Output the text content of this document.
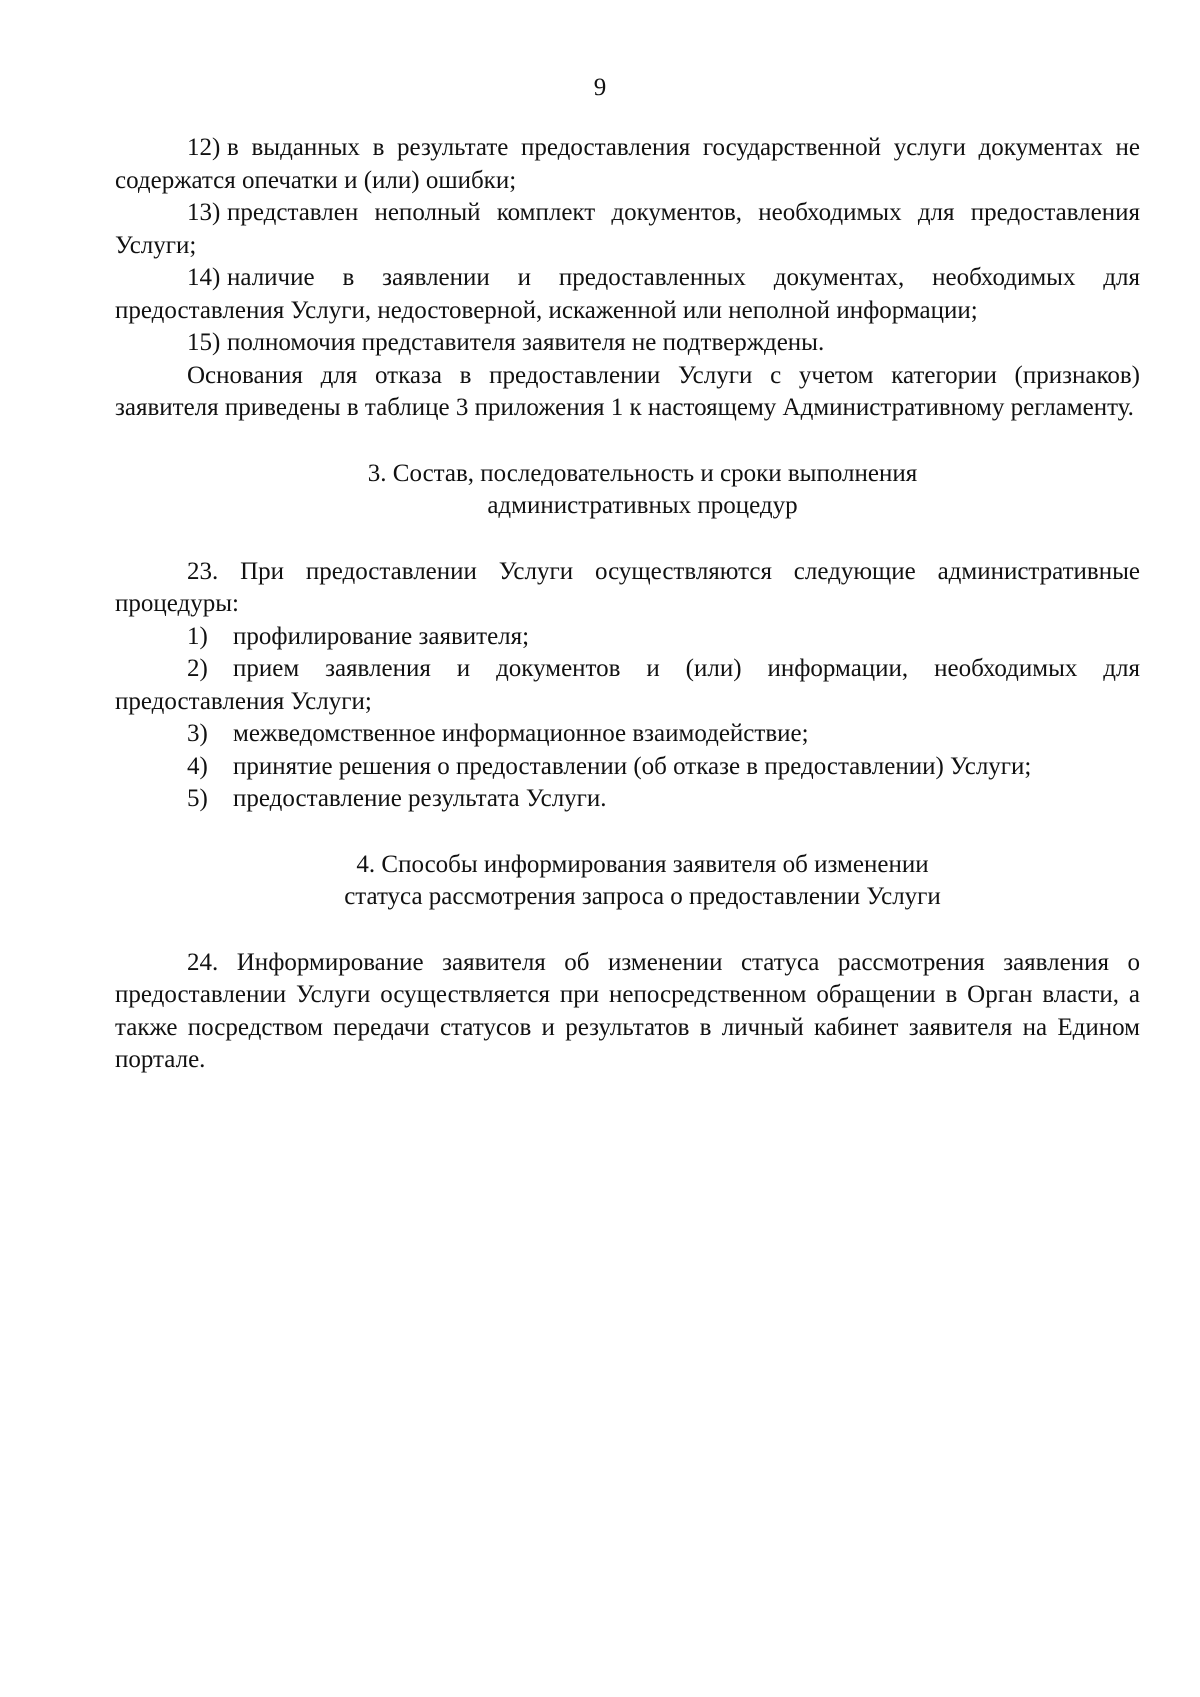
9

12) в выданных в результате предоставления государственной услуги документах не содержатся опечатки и (или) ошибки;

13) представлен неполный комплект документов, необходимых для предоставления Услуги;

14) наличие в заявлении и предоставленных документах, необходимых для предоставления Услуги, недостоверной, искаженной или неполной информации;

15) полномочия представителя заявителя не подтверждены.

Основания для отказа в предоставлении Услуги с учетом категории (признаков) заявителя приведены в таблице 3 приложения 1 к настоящему Административному регламенту.

3. Состав, последовательность и сроки выполнения
административных процедур

23. При предоставлении Услуги осуществляются следующие административные процедуры:

1) профилирование заявителя;

2) прием заявления и документов и (или) информации, необходимых для предоставления Услуги;

3) межведомственное информационное взаимодействие;

4) принятие решения о предоставлении (об отказе в предоставлении) Услуги;

5) предоставление результата Услуги.

4. Способы информирования заявителя об изменении
статуса рассмотрения запроса о предоставлении Услуги

24. Информирование заявителя об изменении статуса рассмотрения заявления о предоставлении Услуги осуществляется при непосредственном обращении в Орган власти, а также посредством передачи статусов и результатов в личный кабинет заявителя на Едином портале.
